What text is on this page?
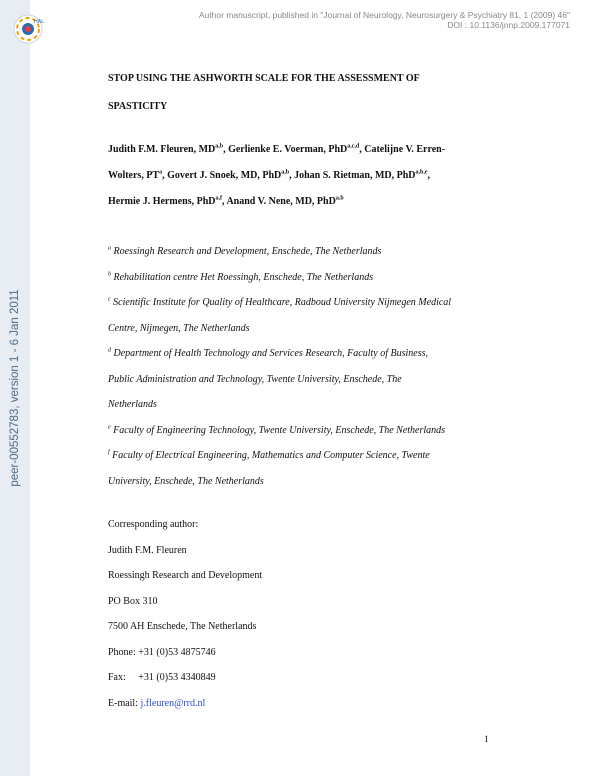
peer-00552783, version 1 - 6 Jan 2011
HAL
Author manuscript, published in "Journal of Neurology, Neurosurgery & Psychiatry 81, 1 (2009) 46"
DOI : 10.1136/jnnp.2009.177071
STOP USING THE ASHWORTH SCALE FOR THE ASSESSMENT OF
SPASTICITY
Judith F.M. Fleuren, MD$^{a,b}$, Gerlienke E. Voerman, PhD$^{a,c,d}$, Catelijne V. Erren-
Wolters, $PT^a$, Govert J. Snoek, MD, PhD$^{a,b}$, Johan S. Rietman, MD, PhD$^{a,b,e}$,
Hermie J. Hermens, PhD$^{a,f}$, Anand V. Nene, MD, PhD$^{a,b}$
$^a$ Roessingh Research and Development, Enschede, The Netherlands
$^b$ Rehabilitation centre Het Roessingh, Enschede, The Netherlands
$^c$ Scientific Institute for Quality of Healthcare, Radboud University Nijmegen Medical
Centre, Nijmegen, The Netherlands
$^d$ Department of Health Technology and Services Research, Faculty of Business,
Public Administration and Technology, Twente University, Enschede, The
Netherlands
$^e$ Faculty of Engineering Technology, Twente University, Enschede, The Netherlands
$^f$ Faculty of Electrical Engineering, Mathematics and Computer Science, Twente
University, Enschede, The Netherlands
Corresponding author:
Judith F.M. Fleuren
Roessingh Research and Development
PO Box 310
7500 AH Enschede, The Netherlands
Phone: +31 (0)53 4875746
Fax:     +31 (0)53 4340849
E-mail: j.fleuren@rrd.nl
1
